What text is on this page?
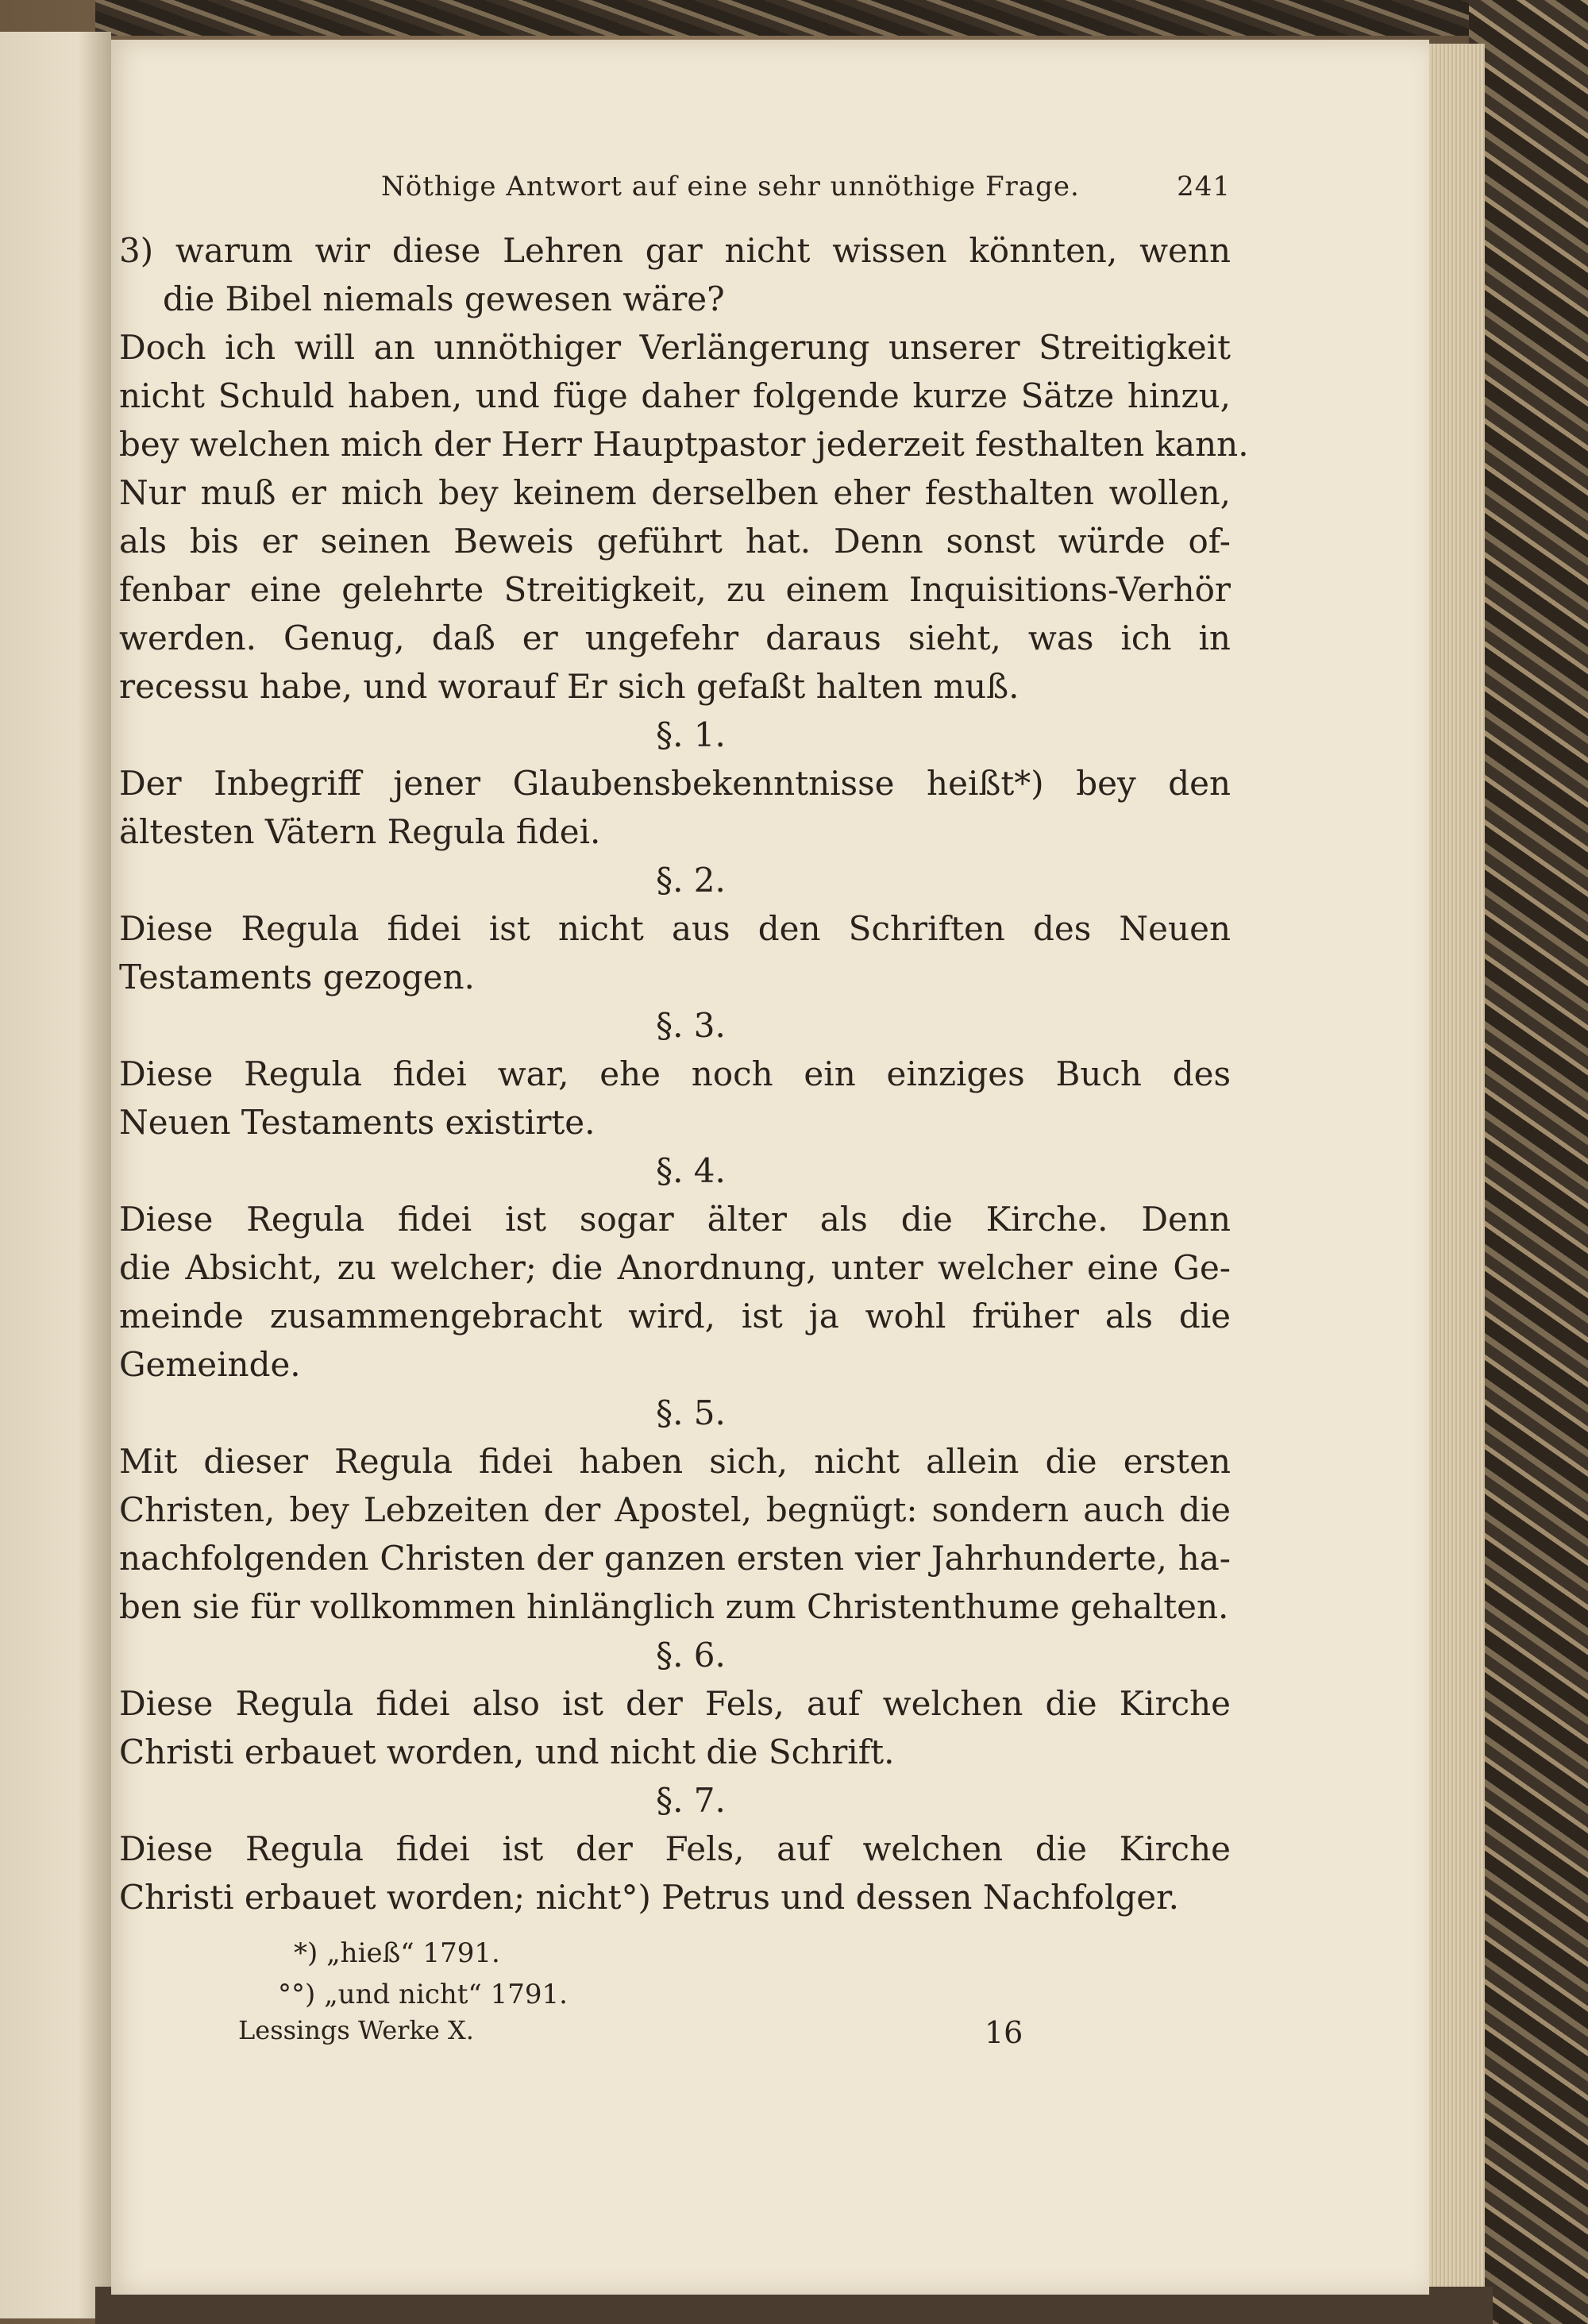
Nöthige Antwort auf eine sehr unnöthige Frage.	241
3) warum wir diese Lehren gar nicht wissen könnten, wenn
die Bibel niemals gewesen wäre?
Doch ich will an unnöthiger Verlängerung unserer Streitigkeit
nicht Schuld haben, und füge daher folgende kurze Sätze hinzu,
bey welchen mich der Herr Hauptpastor jederzeit festhalten kann.
Nur muß er mich bey keinem derselben eher festhalten wollen,
als bis er seinen Beweis geführt hat. Denn sonst würde of-
fenbar eine gelehrte Streitigkeit, zu einem Inquisitions-Verhör
werden. Genug, daß er ungefehr daraus sieht, was ich in
recessu habe, und worauf Er sich gefaßt halten muß.
§. 1.
Der Inbegriff jener Glaubensbekenntnisse heißt*) bey den
ältesten Vätern Regula fidei.
§. 2.
Diese Regula fidei ist nicht aus den Schriften des Neuen
Testaments gezogen.
§. 3.
Diese Regula fidei war, ehe noch ein einziges Buch des
Neuen Testaments existirte.
§. 4.
Diese Regula fidei ist sogar älter als die Kirche. Denn
die Absicht, zu welcher; die Anordnung, unter welcher eine Ge-
meinde zusammengebracht wird, ist ja wohl früher als die
Gemeinde.
§. 5.
Mit dieser Regula fidei haben sich, nicht allein die ersten
Christen, bey Lebzeiten der Apostel, begnügt: sondern auch die
nachfolgenden Christen der ganzen ersten vier Jahrhunderte, ha-
ben sie für vollkommen hinlänglich zum Christenthume gehalten.
§. 6.
Diese Regula fidei also ist der Fels, auf welchen die Kirche
Christi erbauet worden, und nicht die Schrift.
§. 7.
Diese Regula fidei ist der Fels, auf welchen die Kirche
Christi erbauet worden; nicht°) Petrus und dessen Nachfolger.
*) „hieß“ 1791.
°°) „und nicht“ 1791.
Lessings Werke X.	16
